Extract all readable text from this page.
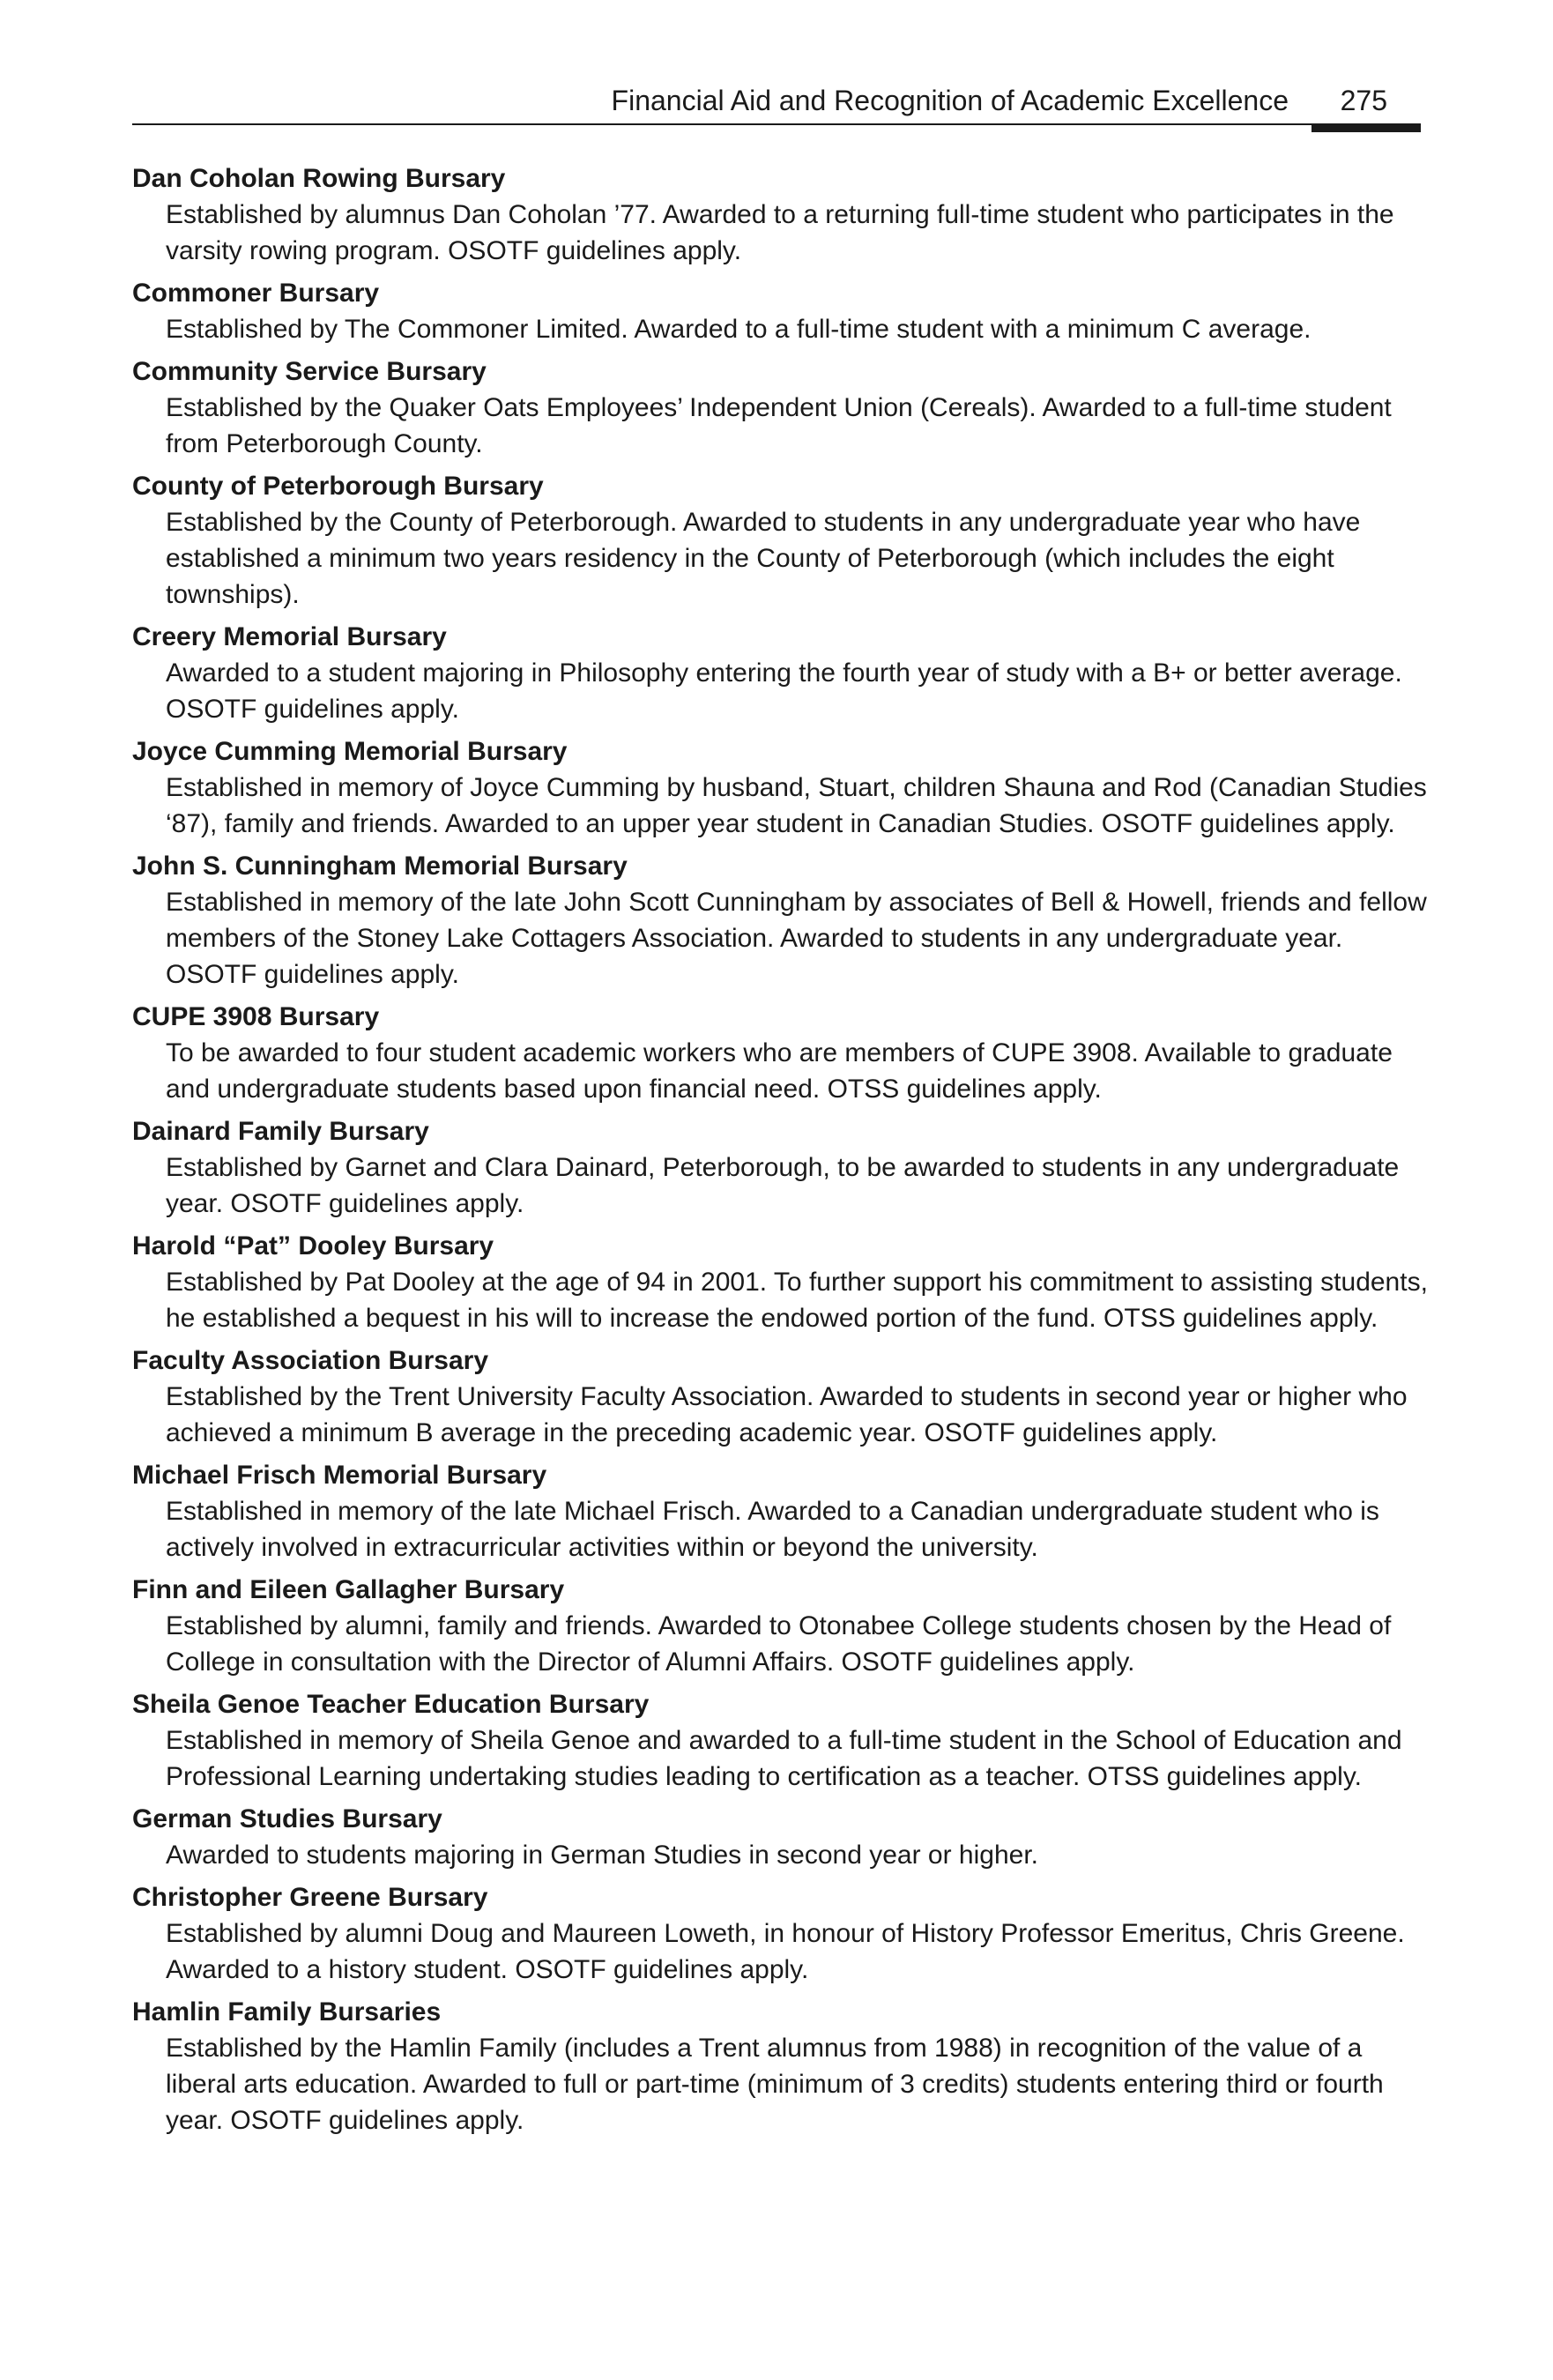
Financial Aid and Recognition of Academic Excellence 275
Dan Coholan Rowing Bursary
Established by alumnus Dan Coholan ’77. Awarded to a returning full-time student who participates in the varsity rowing program. OSOTF guidelines apply.
Commoner Bursary
Established by The Commoner Limited. Awarded to a full-time student with a minimum C average.
Community Service Bursary
Established by the Quaker Oats Employees’ Independent Union (Cereals). Awarded to a full-time student from Peterborough County.
County of Peterborough Bursary
Established by the County of Peterborough. Awarded to students in any undergraduate year who have established a minimum two years residency in the County of Peterborough (which includes the eight townships).
Creery Memorial Bursary
Awarded to a student majoring in Philosophy entering the fourth year of study with a B+ or better average. OSOTF guidelines apply.
Joyce Cumming Memorial Bursary
Established in memory of Joyce Cumming by husband, Stuart, children Shauna and Rod (Canadian Studies ‘87), family and friends. Awarded to an upper year student in Canadian Studies. OSOTF guidelines apply.
John S. Cunningham Memorial Bursary
Established in memory of the late John Scott Cunningham by associates of Bell & Howell, friends and fellow members of the Stoney Lake Cottagers Association. Awarded to students in any undergraduate year. OSOTF guidelines apply.
CUPE 3908 Bursary
To be awarded to four student academic workers who are members of CUPE 3908. Available to graduate and undergraduate students based upon financial need. OTSS guidelines apply.
Dainard Family Bursary
Established by Garnet and Clara Dainard, Peterborough, to be awarded to students in any undergraduate year. OSOTF guidelines apply.
Harold “Pat” Dooley Bursary
Established by Pat Dooley at the age of 94 in 2001. To further support his commitment to assisting students, he established a bequest in his will to increase the endowed portion of the fund. OTSS guidelines apply.
Faculty Association Bursary
Established by the Trent University Faculty Association. Awarded to students in second year or higher who achieved a minimum B average in the preceding academic year. OSOTF guidelines apply.
Michael Frisch Memorial Bursary
Established in memory of the late Michael Frisch. Awarded to a Canadian undergraduate student who is actively involved in extracurricular activities within or beyond the university.
Finn and Eileen Gallagher Bursary
Established by alumni, family and friends. Awarded to Otonabee College students chosen by the Head of College in consultation with the Director of Alumni Affairs. OSOTF guidelines apply.
Sheila Genoe Teacher Education Bursary
Established in memory of Sheila Genoe and awarded to a full-time student in the School of Education and Professional Learning undertaking studies leading to certification as a teacher. OTSS guidelines apply.
German Studies Bursary
Awarded to students majoring in German Studies in second year or higher.
Christopher Greene Bursary
Established by alumni Doug and Maureen Loweth, in honour of History Professor Emeritus, Chris Greene. Awarded to a history student. OSOTF guidelines apply.
Hamlin Family Bursaries
Established by the Hamlin Family (includes a Trent alumnus from 1988) in recognition of the value of a liberal arts education. Awarded to full or part-time (minimum of 3 credits) students entering third or fourth year. OSOTF guidelines apply.
